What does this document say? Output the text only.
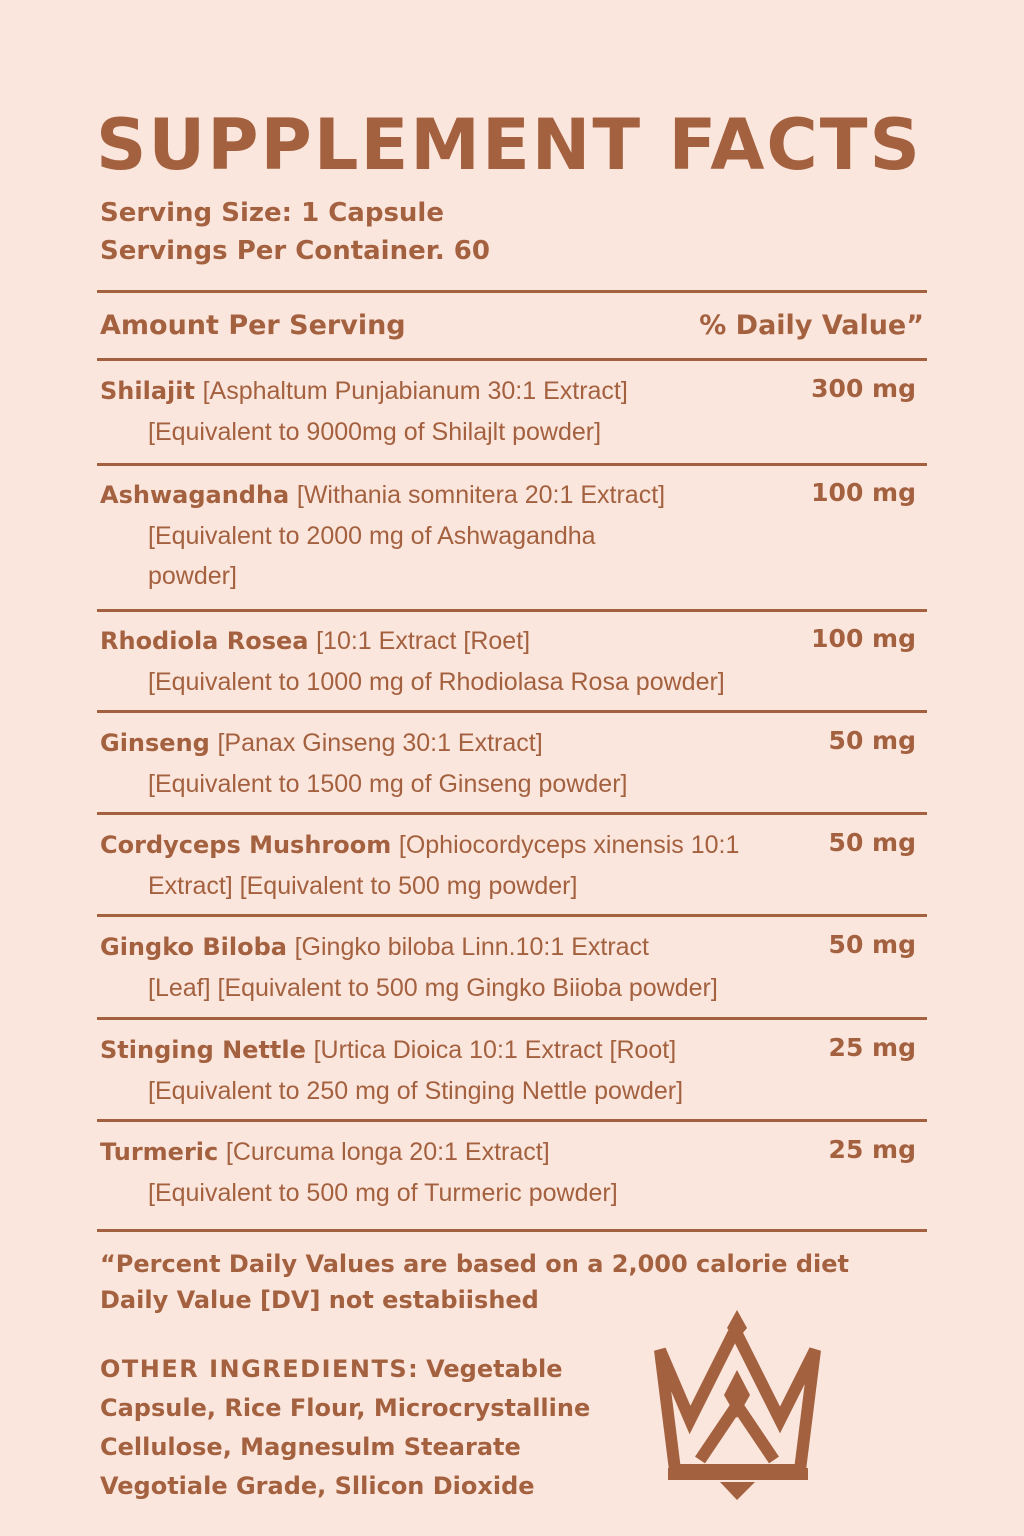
SUPPLEMENT FACTS
Serving Size: 1 Capsule
Servings Per Container. 60
Amount Per Serving	% Daily Value”
Shilajit [Asphaltum Punjabianum 30:1 Extract]
[Equivalent to 9000mg of Shilajlt powder]
300 mg
Ashwagandha [Withania somnitera 20:1 Extract]
[Equivalent to 2000 mg of Ashwagandha powder]
100 mg
Rhodiola Rosea [10:1 Extract [Roet]
[Equivalent to 1000 mg of Rhodiolasa Rosa powder]
100 mg
Ginseng [Panax Ginseng 30:1 Extract]
[Equivalent to 1500 mg of Ginseng powder]
50 mg
Cordyceps Mushroom [Ophiocordyceps xinensis 10:1
Extract] [Equivalent to 500 mg powder]
50 mg
Gingko Biloba [Gingko biloba Linn.10:1 Extract
[Leaf] [Equivalent to 500 mg Gingko Biioba powder]
50 mg
Stinging Nettle [Urtica Dioica 10:1 Extract [Root]
[Equivalent to 250 mg of Stinging Nettle powder]
25 mg
Turmeric [Curcuma longa 20:1 Extract]
[Equivalent to 500 mg of Turmeric powder]
25 mg
“Percent Daily Values are based on a 2,000 calorie diet
Daily Value [DV] not estabiished
OTHER INGREDIENTS: Vegetable Capsule, Rice Flour, Microcrystalline Cellulose, Magnesulm Stearate Vegotiale Grade, Sllicon Dioxide
